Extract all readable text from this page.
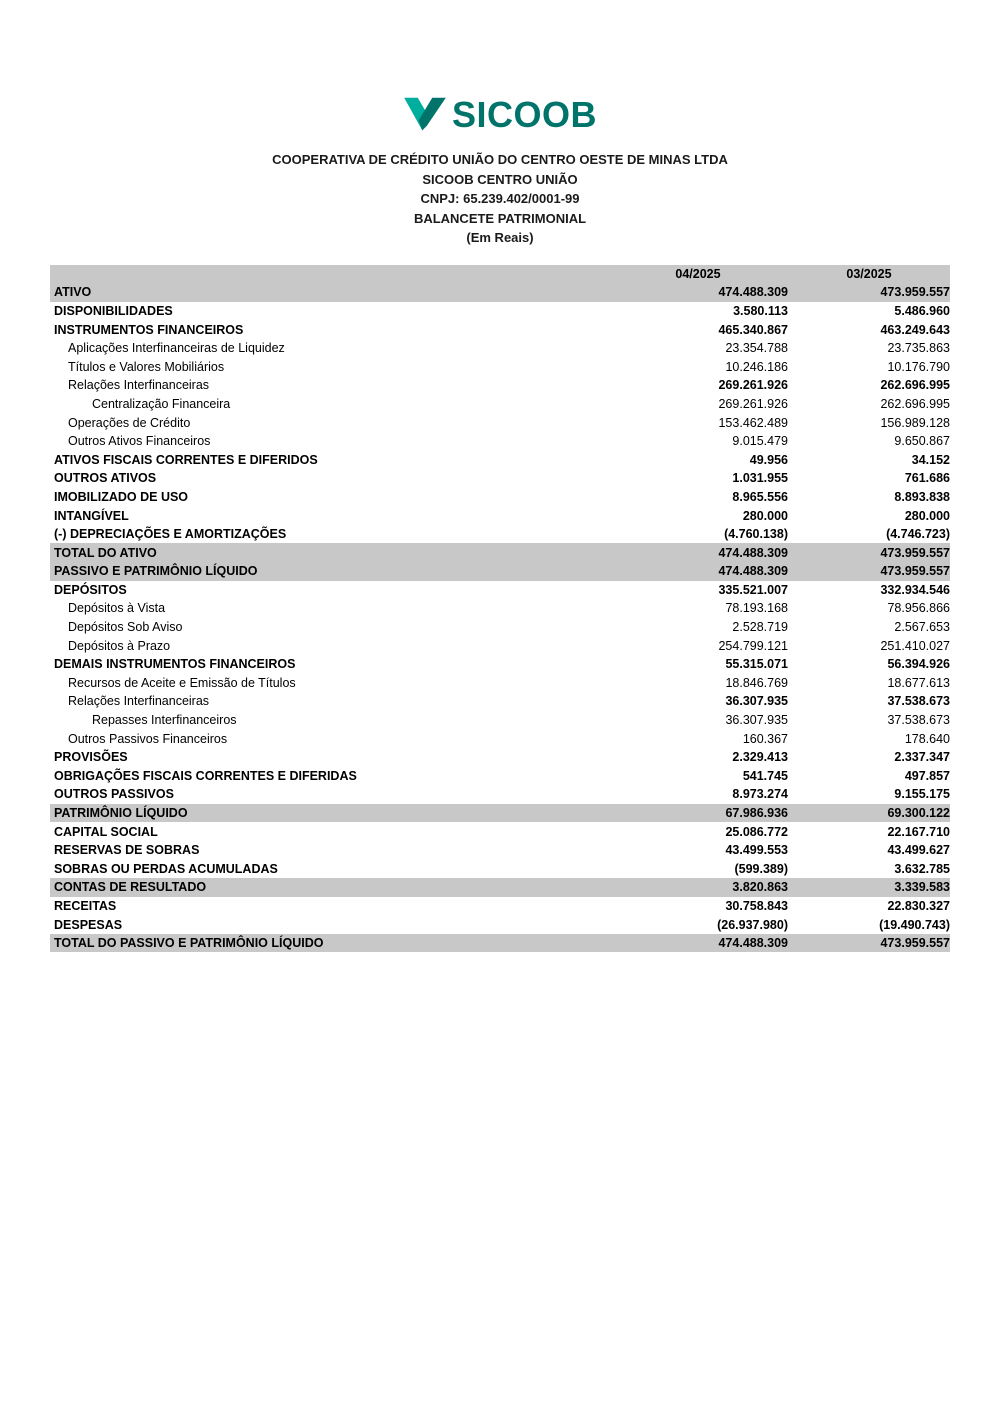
SICOOB
COOPERATIVA DE CRÉDITO UNIÃO DO CENTRO OESTE DE MINAS LTDA
SICOOB CENTRO UNIÃO
CNPJ: 65.239.402/0001-99
BALANCETE PATRIMONIAL
(Em Reais)
	04/2025	03/2025
ATIVO	474.488.309	473.959.557
DISPONIBILIDADES	3.580.113	5.486.960
INSTRUMENTOS FINANCEIROS	465.340.867	463.249.643
Aplicações Interfinanceiras de Liquidez	23.354.788	23.735.863
Títulos e Valores Mobiliários	10.246.186	10.176.790
Relações Interfinanceiras	269.261.926	262.696.995
Centralização Financeira	269.261.926	262.696.995
Operações de Crédito	153.462.489	156.989.128
Outros Ativos Financeiros	9.015.479	9.650.867
ATIVOS FISCAIS CORRENTES E DIFERIDOS	49.956	34.152
OUTROS ATIVOS	1.031.955	761.686
IMOBILIZADO DE USO	8.965.556	8.893.838
INTANGÍVEL	280.000	280.000
(-) DEPRECIAÇÕES E AMORTIZAÇÕES	(4.760.138)	(4.746.723)
TOTAL DO ATIVO	474.488.309	473.959.557
PASSIVO E PATRIMÔNIO LÍQUIDO	474.488.309	473.959.557
DEPÓSITOS	335.521.007	332.934.546
Depósitos à Vista	78.193.168	78.956.866
Depósitos Sob Aviso	2.528.719	2.567.653
Depósitos à Prazo	254.799.121	251.410.027
DEMAIS INSTRUMENTOS FINANCEIROS	55.315.071	56.394.926
Recursos de Aceite e Emissão de Títulos	18.846.769	18.677.613
Relações Interfinanceiras	36.307.935	37.538.673
Repasses Interfinanceiros	36.307.935	37.538.673
Outros Passivos Financeiros	160.367	178.640
PROVISÕES	2.329.413	2.337.347
OBRIGAÇÕES FISCAIS CORRENTES E DIFERIDAS	541.745	497.857
OUTROS PASSIVOS	8.973.274	9.155.175
PATRIMÔNIO LÍQUIDO	67.986.936	69.300.122
CAPITAL SOCIAL	25.086.772	22.167.710
RESERVAS DE SOBRAS	43.499.553	43.499.627
SOBRAS OU PERDAS ACUMULADAS	(599.389)	3.632.785
CONTAS DE RESULTADO	3.820.863	3.339.583
RECEITAS	30.758.843	22.830.327
DESPESAS	(26.937.980)	(19.490.743)
TOTAL DO PASSIVO E PATRIMÔNIO LÍQUIDO	474.488.309	473.959.557
